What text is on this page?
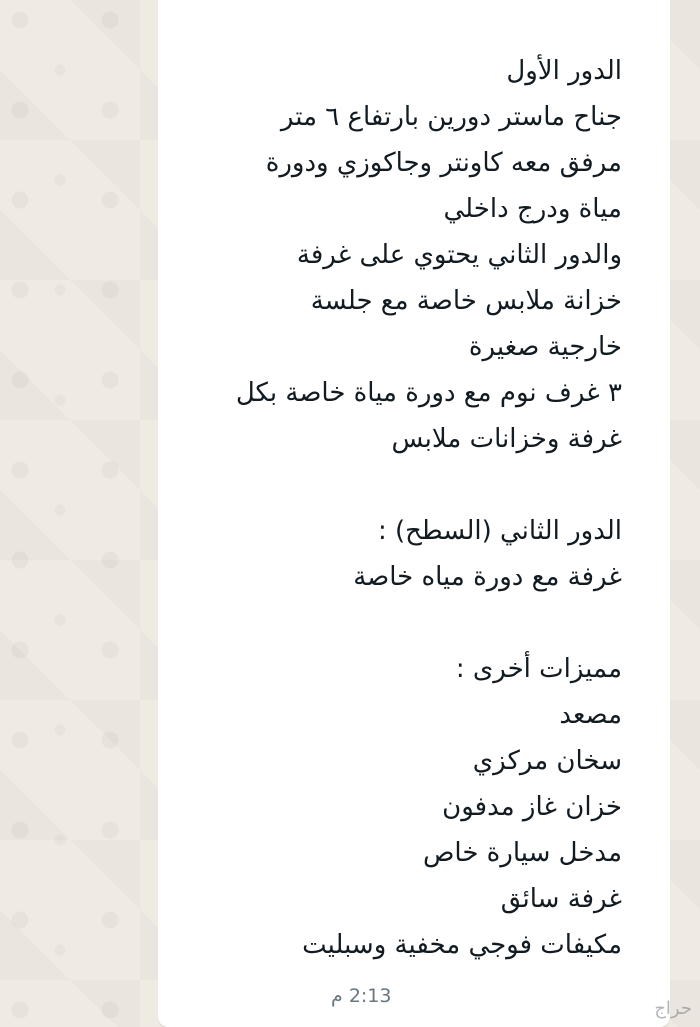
الدور الأول
جناح ماستر دورين بارتفاع ٦ متر
مرفق معه كاونتر وجاكوزي ودورة
مياة ودرج داخلي
والدور الثاني يحتوي على غرفة
خزانة ملابس خاصة مع جلسة
خارجية صغيرة
٣ غرف نوم مع دورة مياة خاصة بكل
غرفة وخزانات ملابس
الدور الثاني (السطح) :
غرفة مع دورة مياه خاصة
مميزات أخرى :
مصعد
سخان مركزي
خزان غاز مدفون
مدخل سيارة خاص
غرفة سائق
مكيفات فوجي مخفية وسبليت
2:13 م
حراج
